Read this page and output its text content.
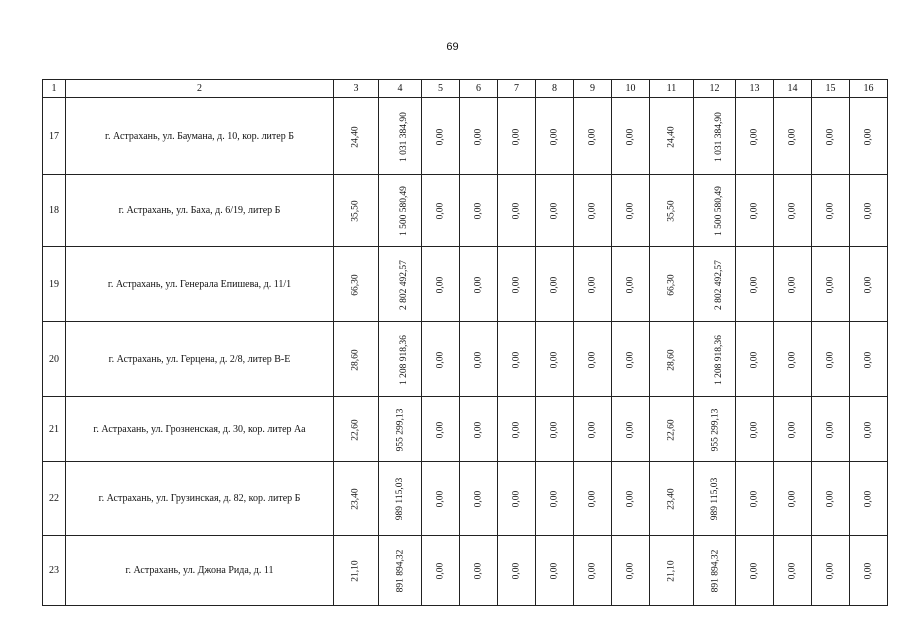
69
1	2	3	4	5	6	7	8	9	10	11	12	13	14	15	16
17	г. Астрахань, ул. Баумана, д. 10, кор. литер Б	24,40	1 031 384,90	0,00	0,00	0,00	0,00	0,00	0,00	24,40	1 031 384,90	0,00	0,00	0,00	0,00
18	г. Астрахань, ул. Баха, д. 6/19, литер Б	35,50	1 500 580,49	0,00	0,00	0,00	0,00	0,00	0,00	35,50	1 500 580,49	0,00	0,00	0,00	0,00
19	г. Астрахань, ул. Генерала Епишева, д. 11/1	66,30	2 802 492,57	0,00	0,00	0,00	0,00	0,00	0,00	66,30	2 802 492,57	0,00	0,00	0,00	0,00
20	г. Астрахань, ул. Герцена, д. 2/8, литер В-Е	28,60	1 208 918,36	0,00	0,00	0,00	0,00	0,00	0,00	28,60	1 208 918,36	0,00	0,00	0,00	0,00
21	г. Астрахань, ул. Грозненская, д. 30, кор. литер Аа	22,60	955 299,13	0,00	0,00	0,00	0,00	0,00	0,00	22,60	955 299,13	0,00	0,00	0,00	0,00
22	г. Астрахань, ул. Грузинская, д. 82, кор. литер Б	23,40	989 115,03	0,00	0,00	0,00	0,00	0,00	0,00	23,40	989 115,03	0,00	0,00	0,00	0,00
23	г. Астрахань, ул. Джона Рида, д. 11	21,10	891 894,32	0,00	0,00	0,00	0,00	0,00	0,00	21,10	891 894,32	0,00	0,00	0,00	0,00
